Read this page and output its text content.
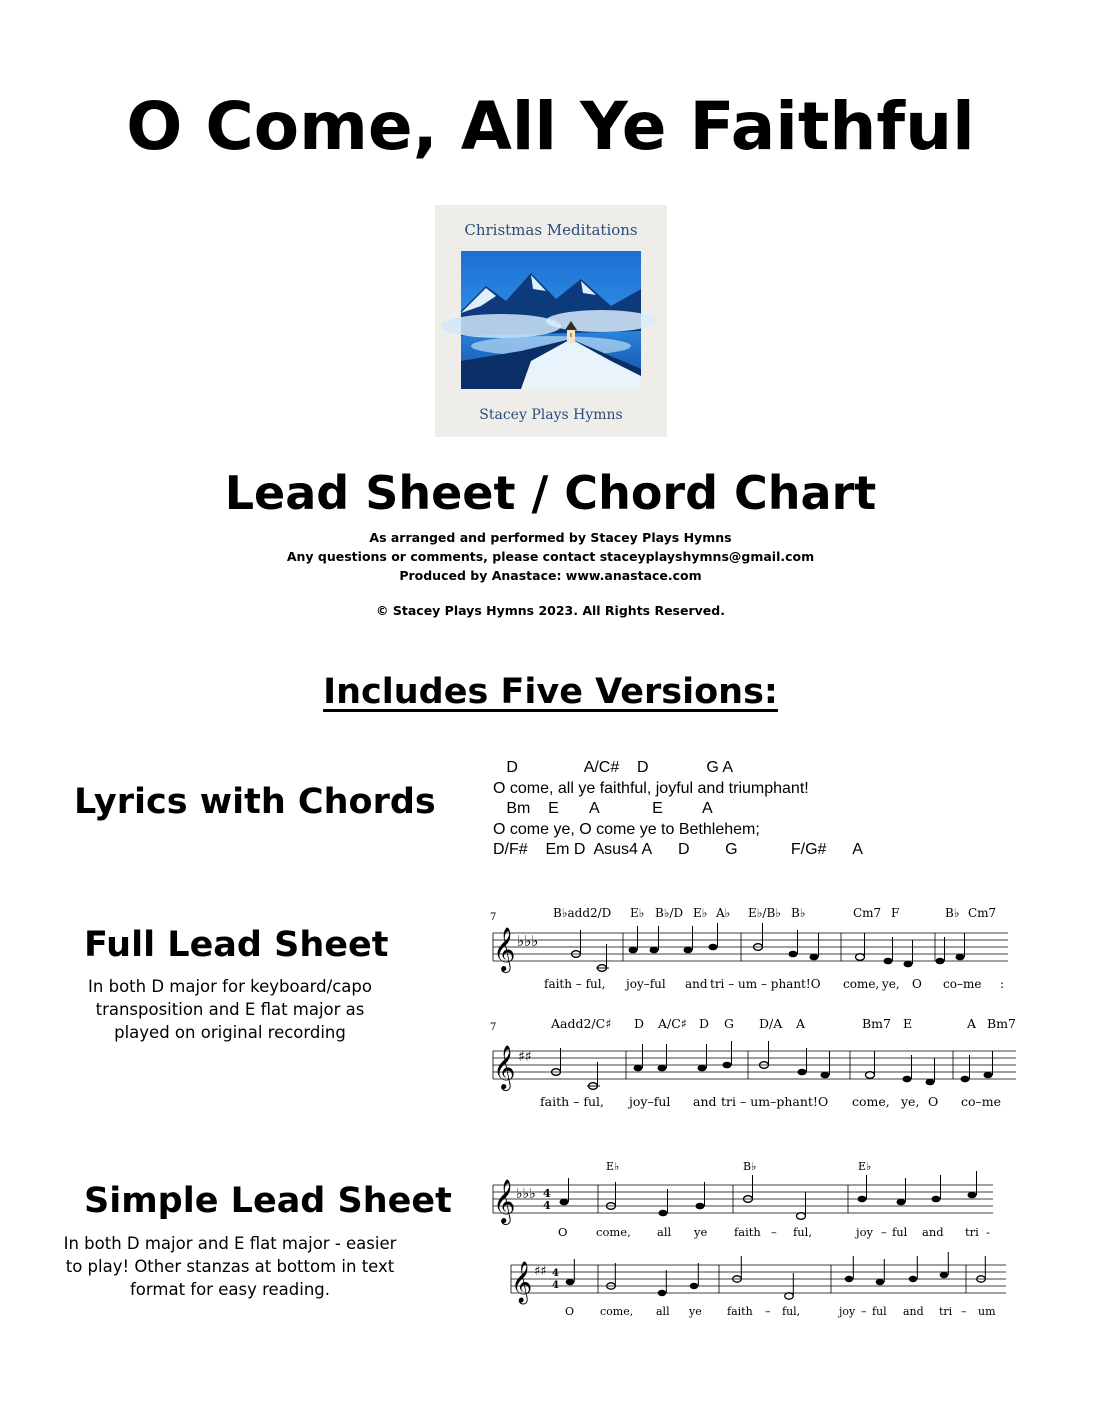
O Come, All Ye Faithful
Christmas Meditations
Stacey Plays Hymns
Lead Sheet / Chord Chart
As arranged and performed by Stacey Plays Hymns
Any questions or comments, please contact staceyplayshymns@gmail.com
Produced by Anastace: www.anastace.com
© Stacey Plays Hymns 2023. All Rights Reserved.
Includes Five Versions:
Lyrics with Chords
D               A/C#    D             G A
O come, all ye faithful, joyful and triumphant!
Bm    E       A            E         A
O come ye, O come ye to Bethlehem;
D/F#    Em D  Asus4 A      D        G            F/G#      A
Full Lead Sheet
In both D major for keyboard/capo
transposition and E flat major as
played on original recording
7	B♭add2/D E♭ B♭/D E♭ A♭ E♭/B♭ B♭	Cm7 F	B♭ Cm7
𝄞 ♭♭♭
faith – ful, joy–ful and tri – um – phant!O come, ye, O co–me :
7	Aadd2/C♯ D A/C♯ D G D/A A	Bm7 E	A Bm7
𝄞 ♯♯
faith – ful, joy–ful and tri – um–phant!O come, ye, O co–me
Simple Lead Sheet
In both D major and E flat major - easier
to play! Other stanzas at bottom in text
format for easy reading.
E♭	B♭	E♭
𝄞 ♭♭♭ 4
4
O come, all ye faith – ful,	joy – ful and tri -
𝄞 ♯♯ 4
4
O come, all ye faith – ful,	joy – ful and tri – um
